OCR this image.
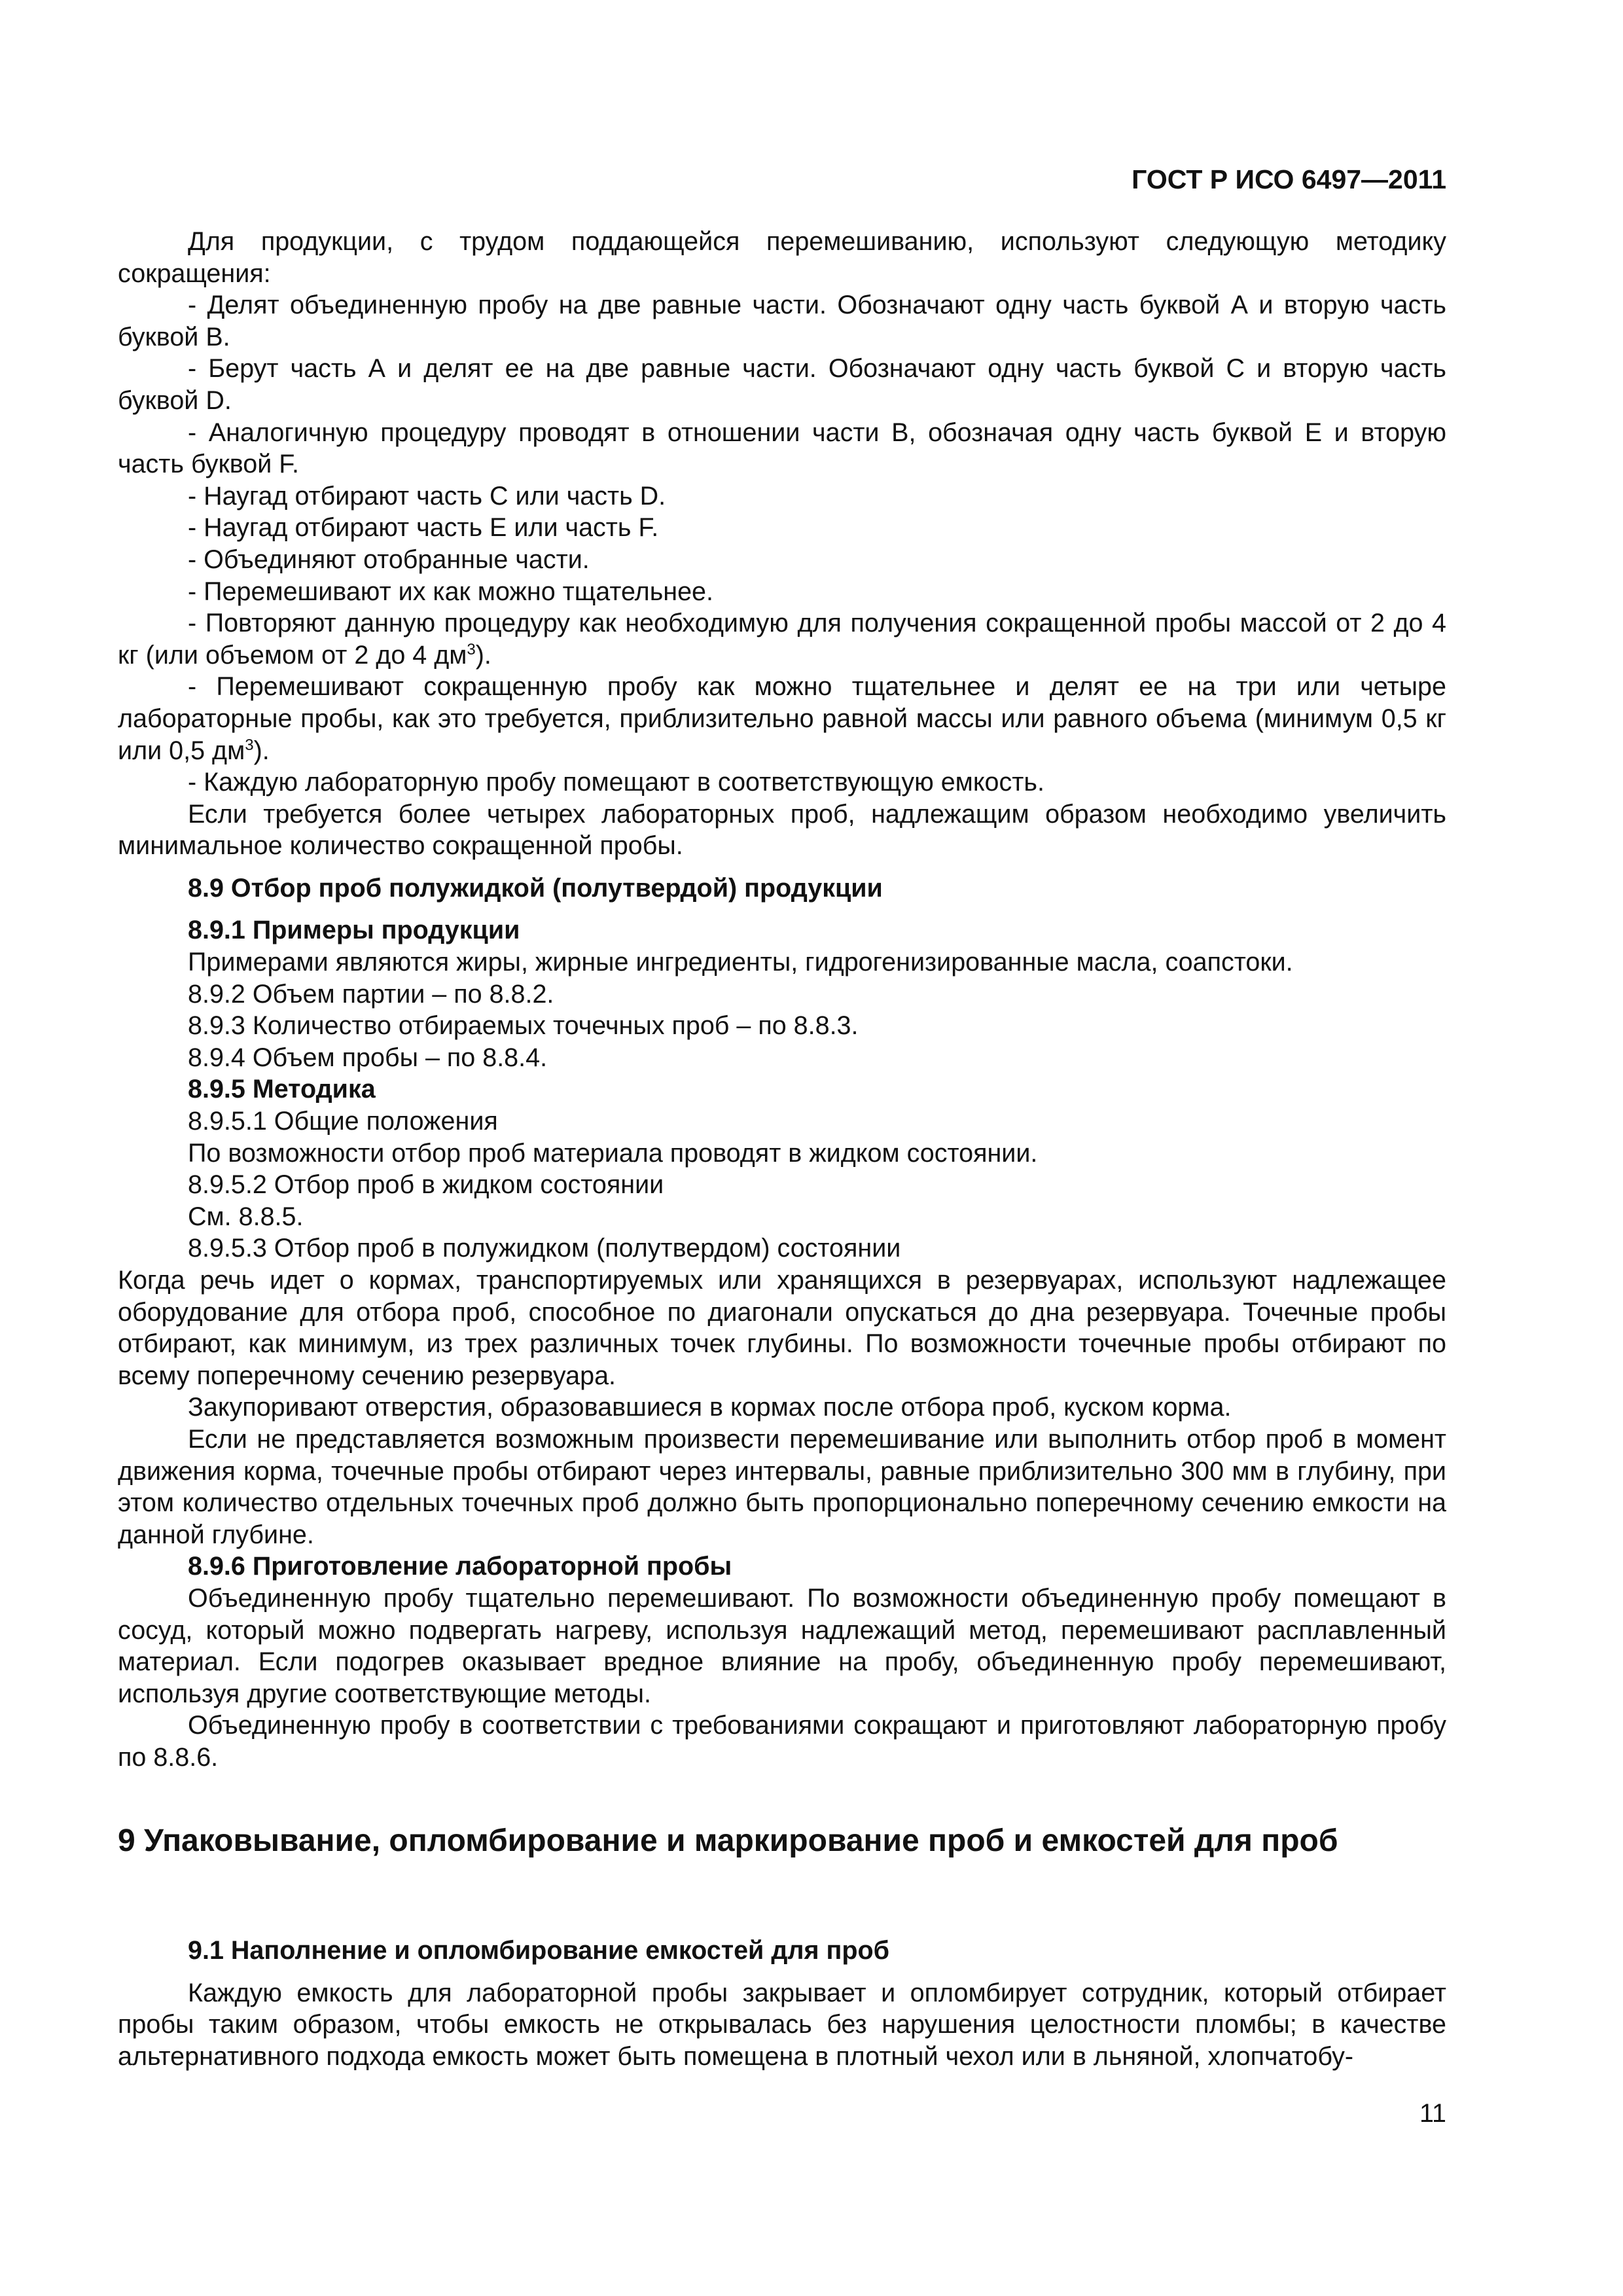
ГОСТ Р ИСО 6497—2011

Для продукции, с трудом поддающейся перемешиванию, используют следующую методику сокращения:

- Делят объединенную пробу на две равные части. Обозначают одну часть буквой А и вторую часть буквой В.

- Берут часть А и делят ее на две равные части. Обозначают одну часть буквой С и вторую часть буквой D.

- Аналогичную процедуру проводят в отношении части В, обозначая одну часть буквой Е и вторую часть буквой F.

- Наугад отбирают часть С или часть D.

- Наугад отбирают часть Е или часть F.

- Объединяют отобранные части.

- Перемешивают их как можно тщательнее.

- Повторяют данную процедуру как необходимую для получения сокращенной пробы массой от 2 до 4 кг (или объемом от 2 до 4 $дм^3$).

- Перемешивают сокращенную пробу как можно тщательнее и делят ее на три или четыре лабораторные пробы, как это требуется, приблизительно равной массы или равного объема (минимум 0,5 кг или 0,5 $дм^3$).

- Каждую лабораторную пробу помещают в соответствующую емкость.

Если требуется более четырех лабораторных проб, надлежащим образом необходимо увеличить минимальное количество сокращенной пробы.

8.9 Отбор проб полужидкой (полутвердой) продукции

8.9.1 Примеры продукции

Примерами являются жиры, жирные ингредиенты, гидрогенизированные масла, соапстоки.

8.9.2 Объем партии – по 8.8.2.

8.9.3 Количество отбираемых точечных проб – по 8.8.3.

8.9.4 Объем пробы – по 8.8.4.

8.9.5 Методика

8.9.5.1 Общие положения

По возможности отбор проб материала проводят в жидком состоянии.

8.9.5.2 Отбор проб в жидком состоянии

См. 8.8.5.

8.9.5.3 Отбор проб в полужидком (полутвердом) состоянии

Когда речь идет о кормах, транспортируемых или хранящихся в резервуарах, используют надлежащее оборудование для отбора проб, способное по диагонали опускаться до дна резервуара. Точечные пробы отбирают, как минимум, из трех различных точек глубины. По возможности точечные пробы отбирают по всему поперечному сечению резервуара.

Закупоривают отверстия, образовавшиеся в кормах после отбора проб, куском корма.

Если не представляется возможным произвести перемешивание или выполнить отбор проб в момент движения корма, точечные пробы отбирают через интервалы, равные приблизительно 300 мм в глубину, при этом количество отдельных точечных проб должно быть пропорционально поперечному сечению емкости на данной глубине.

8.9.6 Приготовление лабораторной пробы

Объединенную пробу тщательно перемешивают. По возможности объединенную пробу помещают в сосуд, который можно подвергать нагреву, используя надлежащий метод, перемешивают расплавленный материал. Если подогрев оказывает вредное влияние на пробу, объединенную пробу перемешивают, используя другие соответствующие методы.

Объединенную пробу в соответствии с требованиями сокращают и приготовляют лабораторную пробу по 8.8.6.

9 Упаковывание, опломбирование и маркирование проб и емкостей для проб

9.1 Наполнение и опломбирование емкостей для проб

Каждую емкость для лабораторной пробы закрывает и опломбирует сотрудник, который отбирает пробы таким образом, чтобы емкость не открывалась без нарушения целостности пломбы; в качестве альтернативного подхода емкость может быть помещена в плотный чехол или в льняной, хлопчатобу-

11
